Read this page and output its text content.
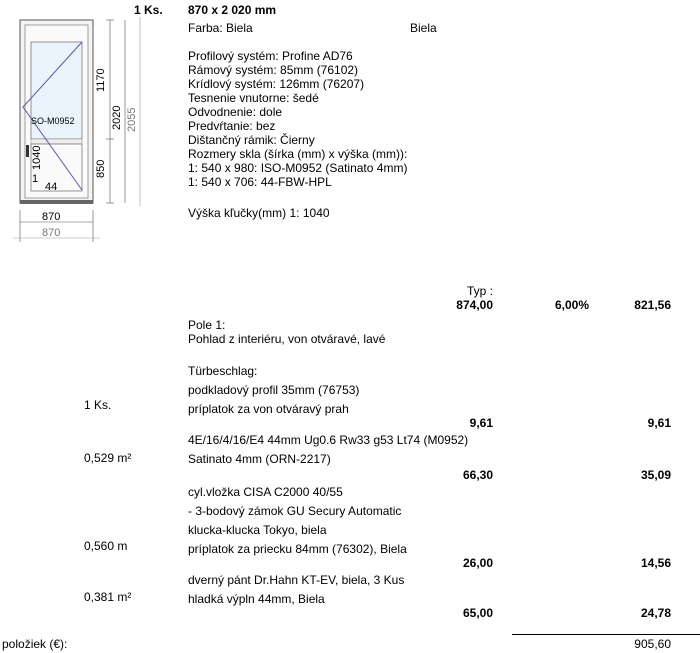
SO-M0952
1040
1
44
1170
850
2020 2055
870
870
1 Ks. 870 x 2 020 mm
Farba: Biela	Biela
Profilový systém: Profine AD76
Rámový systém: 85mm (76102)
Krídlový systém: 126mm (76207)
Tesnenie vnutorne: šedé
Odvodnenie: dole
Predvŕtanie: bez
Dištančný rámik: Čierny
Rozmery skla (šírka (mm) x výška (mm)):
1: 540 x 980: ISO-M0952 (Satinato 4mm)
1: 540 x 706: 44-FBW-HPL
Výška kľučky(mm) 1: 1040
Typ :
874,00	6,00%	821,56
Pole 1:
Pohlad z interiéru, von otváravé, lavé
Türbeschlag:
podkladový profil 35mm (76753)
príplatok za von otváravý prah
1 Ks.
9,61	9,61
4E/16/4/16/E4 44mm Ug0.6 Rw33 g53 Lt74 (M0952)
Satinato 4mm (ORN-2217)
0,529 m²
66,30	35,09
cyl.vložka CISA C2000 40/55
- 3-bodový zámok GU Secury Automatic
klucka-klucka Tokyo, biela
príplatok za priecku 84mm (76302), Biela
0,560 m
26,00	14,56
dverný pánt Dr.Hahn KT-EV, biela, 3 Kus
hladká výpln 44mm, Biela
0,381 m²
65,00	24,78
položiek (€):	905,60
